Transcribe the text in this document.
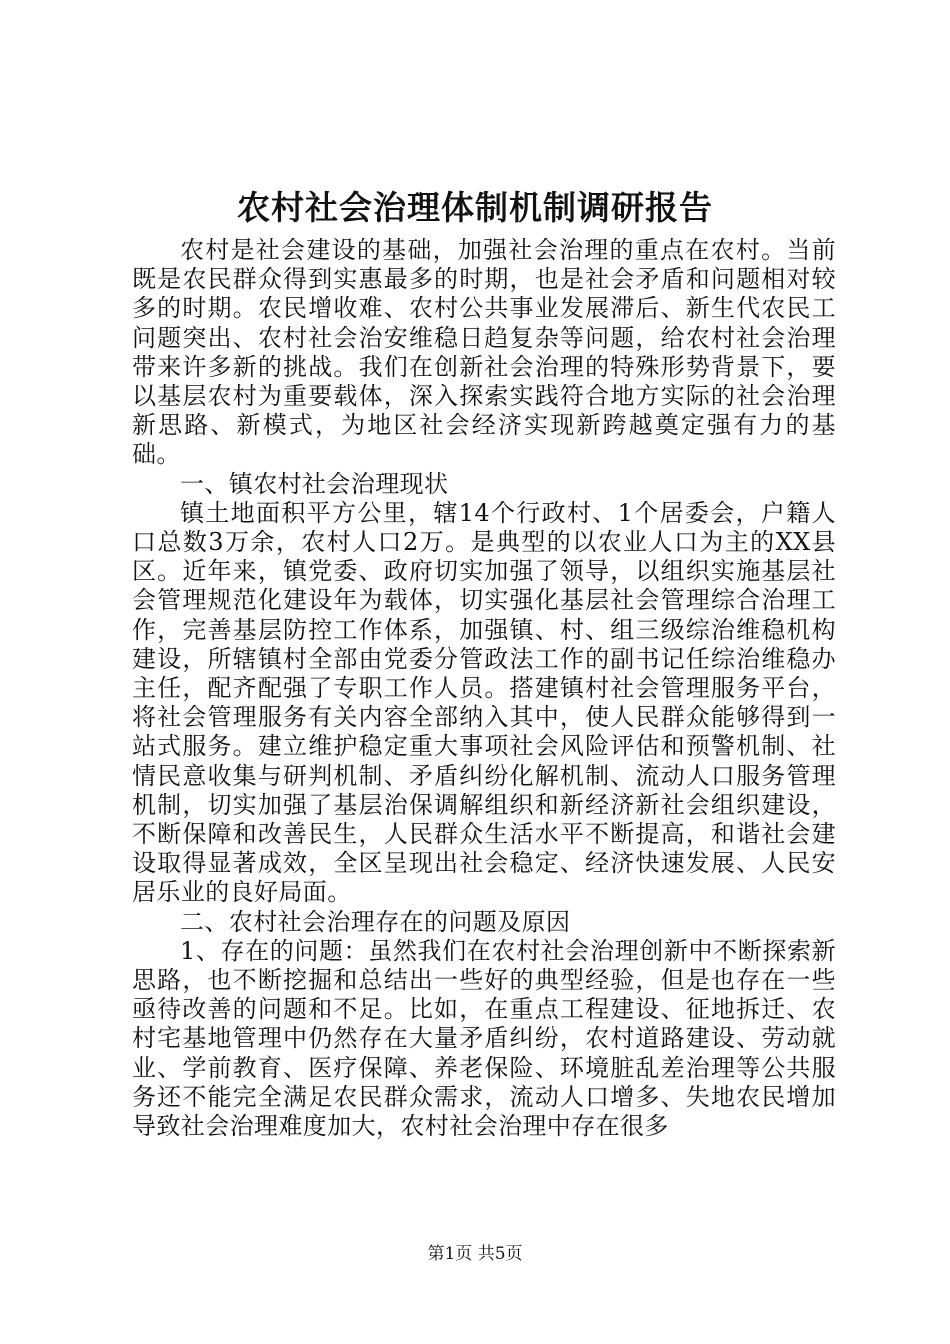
农村社会治理体制机制调研报告

农村是社会建设的基础，加强社会治理的重点在农村。当前既是农民群众得到实惠最多的时期，也是社会矛盾和问题相对较多的时期。农民增收难、农村公共事业发展滞后、新生代农民工问题突出、农村社会治安维稳日趋复杂等问题，给农村社会治理带来许多新的挑战。我们在创新社会治理的特殊形势背景下，要以基层农村为重要载体，深入探索实践符合地方实际的社会治理新思路、新模式，为地区社会经济实现新跨越奠定强有力的基础。

一、镇农村社会治理现状

镇土地面积平方公里，辖14个行政村、1个居委会，户籍人口总数3万余，农村人口2万。是典型的以农业人口为主的XX县区。近年来，镇党委、政府切实加强了领导，以组织实施基层社会管理规范化建设年为载体，切实强化基层社会管理综合治理工作，完善基层防控工作体系，加强镇、村、组三级综治维稳机构建设，所辖镇村全部由党委分管政法工作的副书记任综治维稳办主任，配齐配强了专职工作人员。搭建镇村社会管理服务平台，将社会管理服务有关内容全部纳入其中，使人民群众能够得到一站式服务。建立维护稳定重大事项社会风险评估和预警机制、社情民意收集与研判机制、矛盾纠纷化解机制、流动人口服务管理机制，切实加强了基层治保调解组织和新经济新社会组织建设，不断保障和改善民生，人民群众生活水平不断提高，和谐社会建设取得显著成效，全区呈现出社会稳定、经济快速发展、人民安居乐业的良好局面。

二、农村社会治理存在的问题及原因

1、存在的问题：虽然我们在农村社会治理创新中不断探索新思路，也不断挖掘和总结出一些好的典型经验，但是也存在一些亟待改善的问题和不足。比如，在重点工程建设、征地拆迁、农村宅基地管理中仍然存在大量矛盾纠纷，农村道路建设、劳动就业、学前教育、医疗保障、养老保险、环境脏乱差治理等公共服务还不能完全满足农民群众需求，流动人口增多、失地农民增加导致社会治理难度加大，农村社会治理中存在很多

第1页 共5页
